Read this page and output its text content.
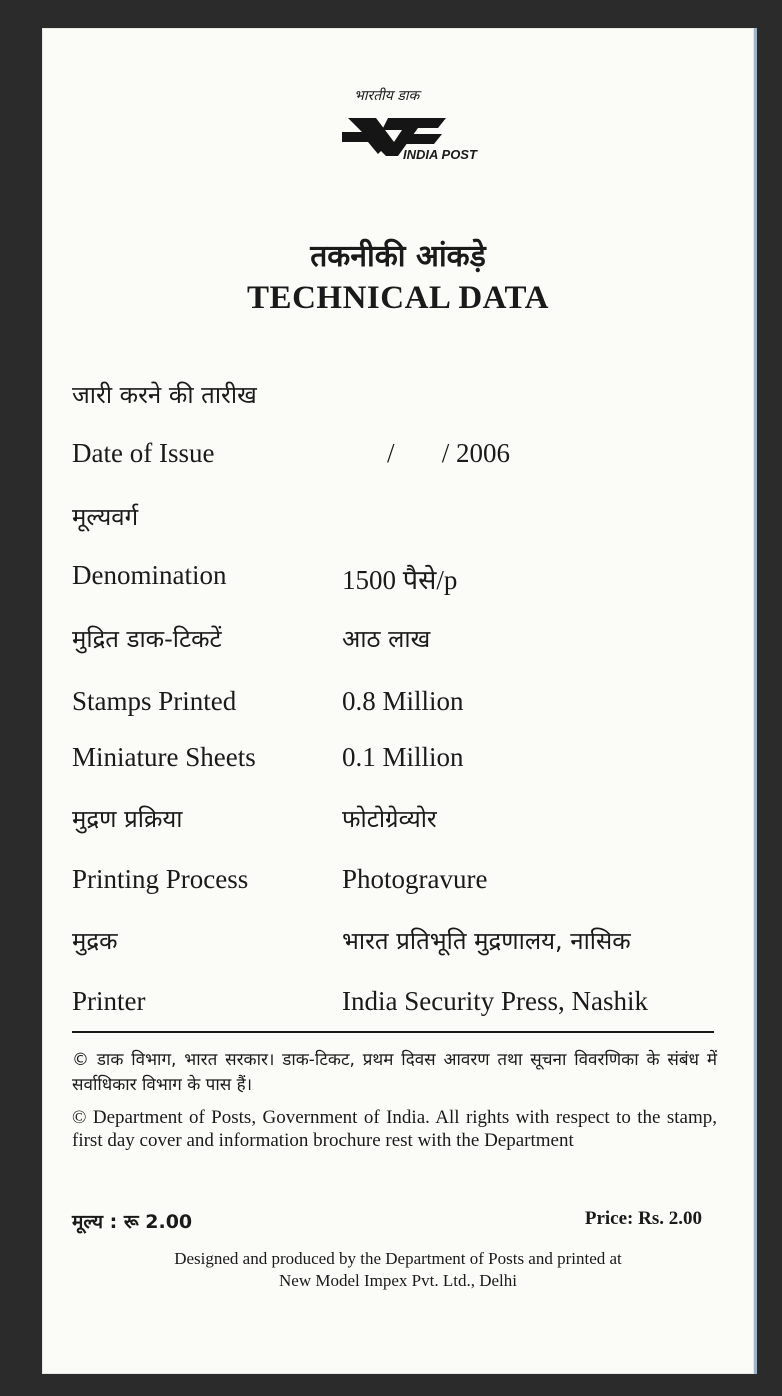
भारतीय डाक
INDIA POST
तकनीकी आंकड़े
TECHNICAL DATA
जारी करने की तारीख
Date of Issue	/       / 2006
मूल्यवर्ग
Denomination	1500 पैसे/p
मुद्रित डाक-टिकटें	आठ लाख
Stamps Printed	0.8 Million
Miniature Sheets	0.1 Million
मुद्रण प्रक्रिया	फोटोग्रेव्योर
Printing Process	Photogravure
मुद्रक	भारत प्रतिभूति मुद्रणालय, नासिक
Printer	India Security Press, Nashik
© डाक विभाग, भारत सरकार। डाक-टिकट, प्रथम दिवस आवरण तथा सूचना विवरणिका के संबंध में सर्वाधिकार विभाग के पास हैं।
© Department of Posts, Government of India. All rights with respect to the stamp, first day cover and information brochure rest with the Department
मूल्य : रू 2.00	Price: Rs. 2.00
Designed and produced by the Department of Posts and printed at
New Model Impex Pvt. Ltd., Delhi
